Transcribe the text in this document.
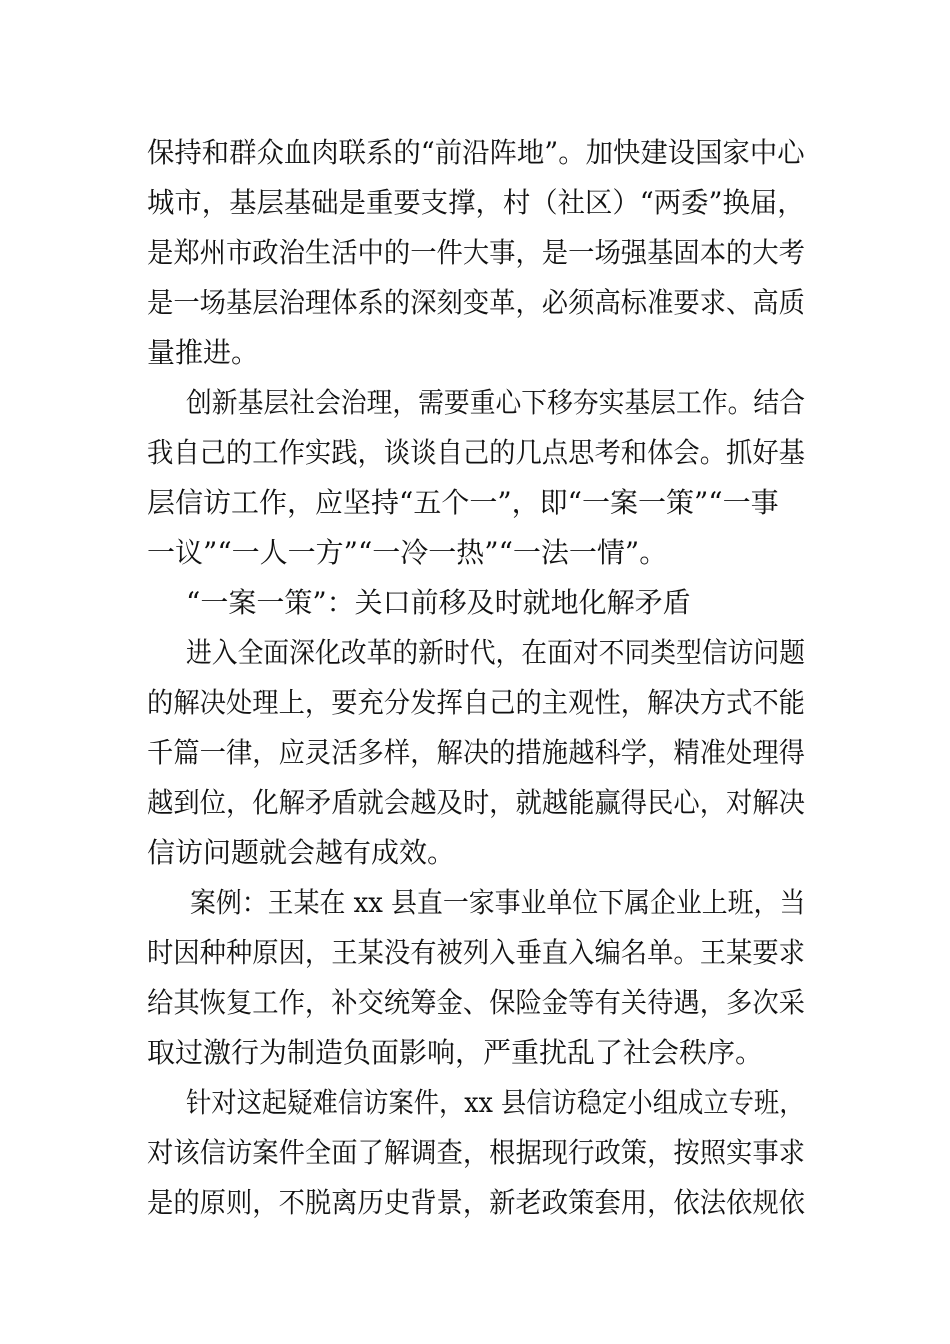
保持和群众血肉联系的“前沿阵地”。加快建设国家中心
城市，基层基础是重要支撑，村（社区）“两委”换届，
是郑州市政治生活中的一件大事，是一场强基固本的大考
是一场基层治理体系的深刻变革，必须高标准要求、高质
量推进。
创新基层社会治理，需要重心下移夯实基层工作。结合
我自己的工作实践，谈谈自己的几点思考和体会。抓好基
层信访工作，应坚持“五个一”，即“一案一策”“一事
一议”“一人一方”“一冷一热”“一法一情”。
“一案一策”：关口前移及时就地化解矛盾
进入全面深化改革的新时代，在面对不同类型信访问题
的解决处理上，要充分发挥自己的主观性，解决方式不能
千篇一律，应灵活多样，解决的措施越科学，精准处理得
越到位，化解矛盾就会越及时，就越能赢得民心，对解决
信访问题就会越有成效。
案例：王某在 xx 县直一家事业单位下属企业上班，当
时因种种原因，王某没有被列入垂直入编名单。王某要求
给其恢复工作，补交统筹金、保险金等有关待遇，多次采
取过激行为制造负面影响，严重扰乱了社会秩序。
针对这起疑难信访案件，xx 县信访稳定小组成立专班，
对该信访案件全面了解调查，根据现行政策，按照实事求
是的原则，不脱离历史背景，新老政策套用，依法依规依
